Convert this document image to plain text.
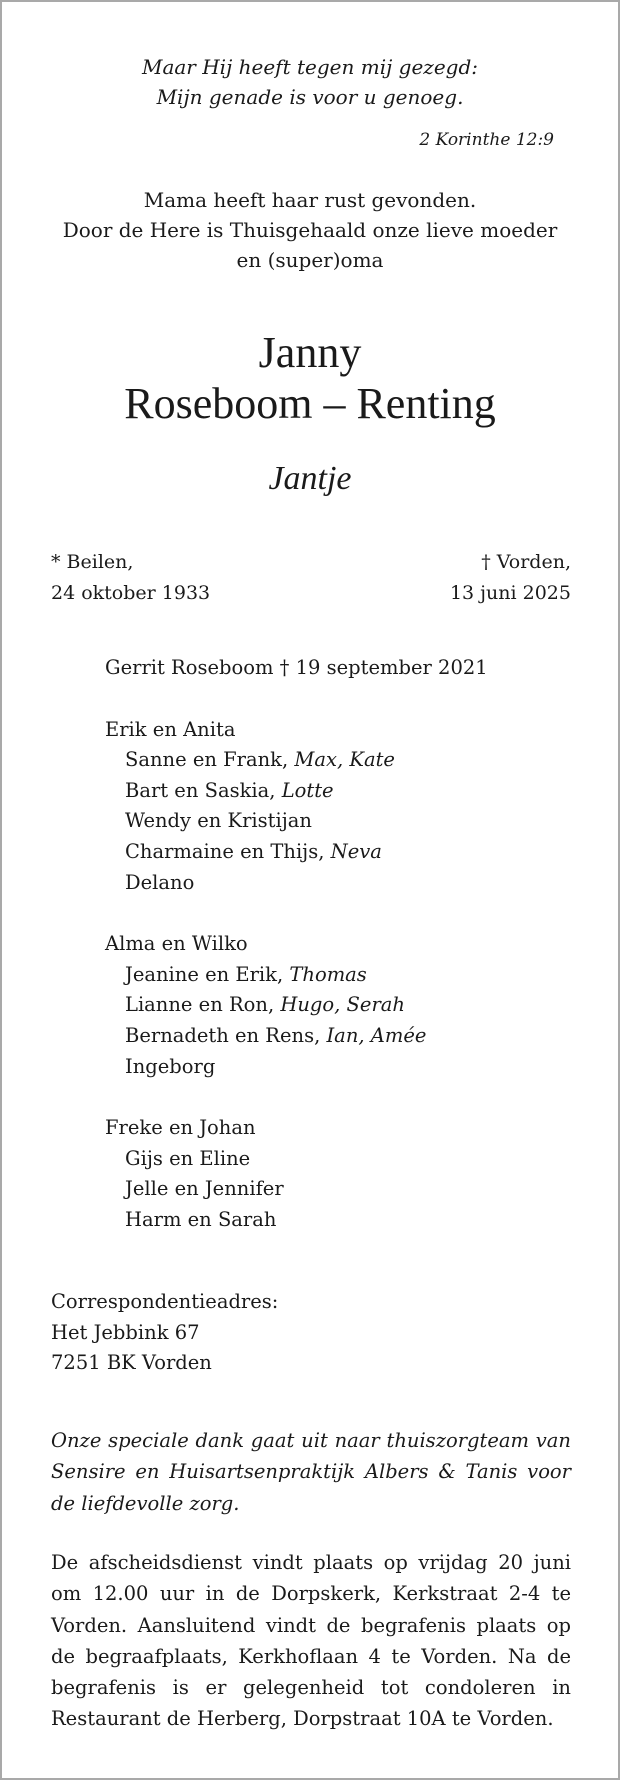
Maar Hij heeft tegen mij gezegd:

Mijn genade is voor u genoeg.

2 Korinthe 12:9

Mama heeft haar rust gevonden.

Door de Here is Thuisgehaald onze lieve moeder

en (super)oma

Janny

Roseboom – Renting

Jantje

* Beilen,

24 oktober 1933

† Vorden,

13 juni 2025

Gerrit Roseboom † 19 september 2021
Erik en Anita
Sanne en Frank, Max, Kate
Bart en Saskia, Lotte
Wendy en Kristijan
Charmaine en Thijs, Neva
Delano
Alma en Wilko
Jeanine en Erik, Thomas
Lianne en Ron, Hugo, Serah
Bernadeth en Rens, Ian, Amée
Ingeborg
Freke en Johan
Gijs en Eline
Jelle en Jennifer
Harm en Sarah
Correspondentieadres:
Het Jebbink 67
7251 BK Vorden

Onze speciale dank gaat uit naar thuiszorgteam van Sensire en Huisartsenpraktijk Albers & Tanis voor de liefdevolle zorg.

De afscheidsdienst vindt plaats op vrijdag 20 juni om 12.00 uur in de Dorpskerk, Kerkstraat 2-4 te Vorden. Aansluitend vindt de begrafenis plaats op de begraafplaats, Kerkhoflaan 4 te Vorden. Na de begrafenis is er gelegenheid tot condoleren in Restaurant de Herberg, Dorpstraat 10A te Vorden.
